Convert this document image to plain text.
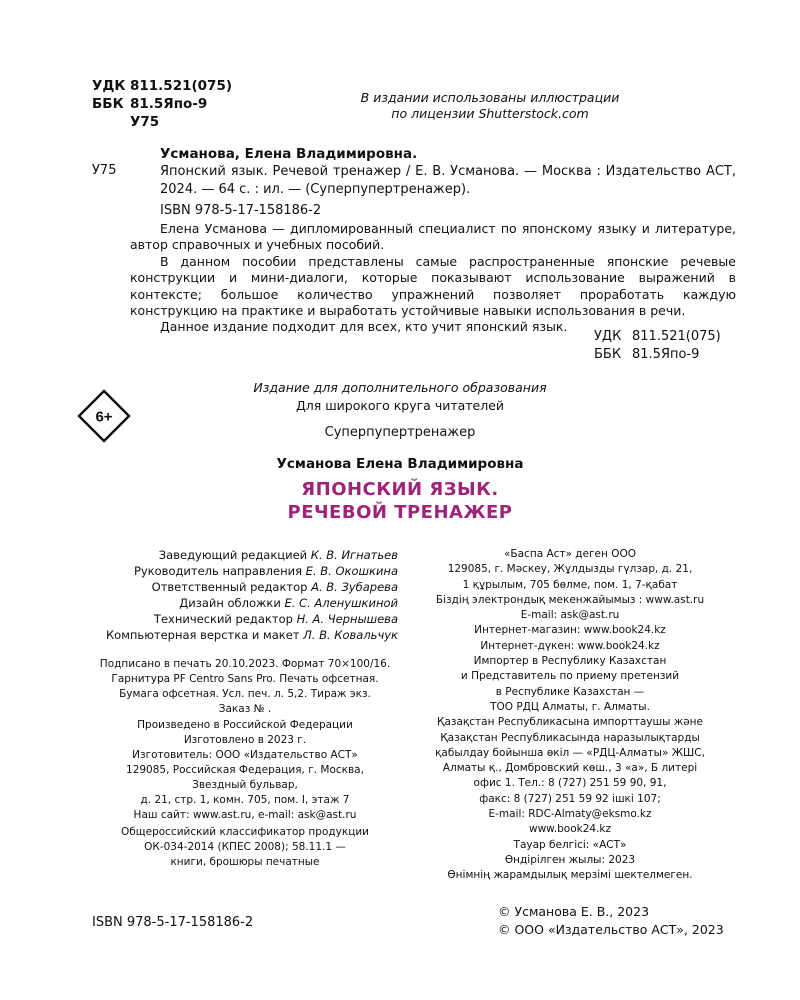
УДК 811.521(075)
ББК 81.5Япо-9
У75
В издании использованы иллюстрации
по лицензии Shutterstock.com
Усманова, Елена Владимировна.
У75	Японский язык. Речевой тренажер / Е. В. Усманова. — Москва : Издательство АСТ, 2024. — 64 с. : ил. — (Суперпупертренажер).
ISBN 978-5-17-158186-2

Елена Усманова — дипломированный специалист по японскому языку и литературе, автор справочных и учебных пособий.

В данном пособии представлены самые распространенные японские речевые конструкции и мини-диалоги, которые показывают использование выражений в контексте; большое количество упражнений позволяет проработать каждую конструкцию на практике и выработать устойчивые навыки использования в речи.

Данное издание подходит для всех, кто учит японский язык.

УДК 811.521(075)
ББК 81.5Япо-9
6+
Издание для дополнительного образования
Для широкого круга читателей
Суперпупертренажер
Усманова Елена Владимировна
ЯПОНСКИЙ ЯЗЫК.
РЕЧЕВОЙ ТРЕНАЖЕР
Заведующий редакцией К. В. Игнатьев
Руководитель направления Е. В. Окошкина
Ответственный редактор А. В. Зубарева
Дизайн обложки Е. С. Аленушкиной
Технический редактор Н. А. Чернышева
Компьютерная верстка и макет Л. В. Ковальчук
Подписано в печать 20.10.2023. Формат 70×100/16.
Гарнитура PF Centro Sans Pro. Печать офсетная.
Бумага офсетная. Усл. печ. л. 5,2. Тираж экз.
Заказ № .
Произведено в Российской Федерации
Изготовлено в 2023 г.
Изготовитель: ООО «Издательство АСТ»
129085, Российская Федерация, г. Москва,
Звездный бульвар,
д. 21, стр. 1, комн. 705, пом. I, этаж 7
Наш сайт: www.ast.ru, e-mail: ask@ast.ru
Общероссийский классификатор продукции
ОК-034-2014 (КПЕС 2008); 58.11.1 —
книги, брошюры печатные
«Баспа Аст» деген ООО
129085, г. Мәскеу, Жұлдызды гүлзар, д. 21,
1 құрылым, 705 бөлме, пом. 1, 7-қабат
Біздің электрондық мекенжайымыз : www.ast.ru
E-mail: ask@ast.ru
Интернет-магазин: www.book24.kz
Интернет-дүкен: www.book24.kz
Импортер в Республику Казахстан
и Представитель по приему претензий
в Республике Казахстан —
ТОО РДЦ Алматы, г. Алматы.
Қазақстан Республикасына импорттаушы және
Қазақстан Республикасында наразылықтарды
қабылдау бойынша өкіл — «РДЦ-Алматы» ЖШС,
Алматы қ., Домбровский көш., 3 «а», Б литері
офис 1. Тел.: 8 (727) 251 59 90, 91,
факс: 8 (727) 251 59 92 ішкі 107;
E-mail: RDC-Almaty@eksmo.kz
www.book24.kz
Тауар белгісі: «АСТ»
Өндірілген жылы: 2023
Өнімнің жарамдылық мерзімі шектелмеген.
ISBN 978-5-17-158186-2
© Усманова Е. В., 2023
© ООО «Издательство АСТ», 2023
